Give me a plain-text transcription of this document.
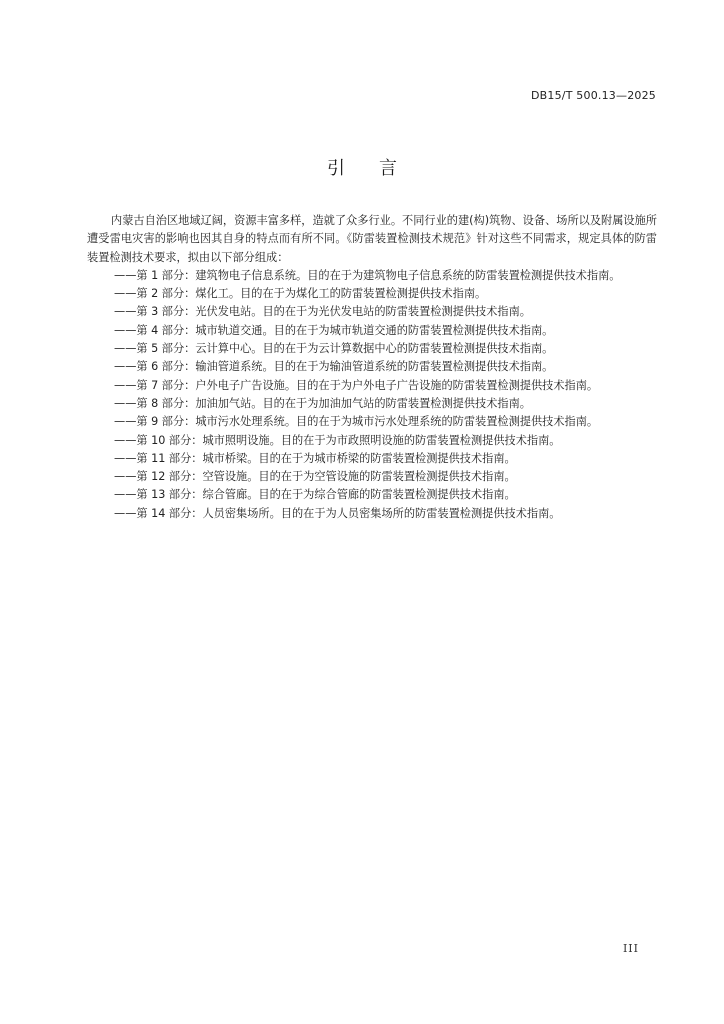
DB15/T 500.13—2025
引言

内蒙古自治区地域辽阔，资源丰富多样，造就了众多行业。不同行业的建(构)筑物、设备、场所以及附属设施所遭受雷电灾害的影响也因其自身的特点而有所不同。《防雷装置检测技术规范》针对这些不同需求，规定具体的防雷装置检测技术要求，拟由以下部分组成：

——第 1 部分：建筑物电子信息系统。目的在于为建筑物电子信息系统的防雷装置检测提供技术指南。
——第 2 部分：煤化工。目的在于为煤化工的防雷装置检测提供技术指南。
——第 3 部分：光伏发电站。目的在于为光伏发电站的防雷装置检测提供技术指南。
——第 4 部分：城市轨道交通。目的在于为城市轨道交通的防雷装置检测提供技术指南。
——第 5 部分：云计算中心。目的在于为云计算数据中心的防雷装置检测提供技术指南。
——第 6 部分：输油管道系统。目的在于为输油管道系统的防雷装置检测提供技术指南。
——第 7 部分：户外电子广告设施。目的在于为户外电子广告设施的防雷装置检测提供技术指南。
——第 8 部分：加油加气站。目的在于为加油加气站的防雷装置检测提供技术指南。
——第 9 部分：城市污水处理系统。目的在于为城市污水处理系统的防雷装置检测提供技术指南。
——第 10 部分：城市照明设施。目的在于为市政照明设施的防雷装置检测提供技术指南。
——第 11 部分：城市桥梁。目的在于为城市桥梁的防雷装置检测提供技术指南。
——第 12 部分：空管设施。目的在于为空管设施的防雷装置检测提供技术指南。
——第 13 部分：综合管廊。目的在于为综合管廊的防雷装置检测提供技术指南。
——第 14 部分：人员密集场所。目的在于为人员密集场所的防雷装置检测提供技术指南。
III
